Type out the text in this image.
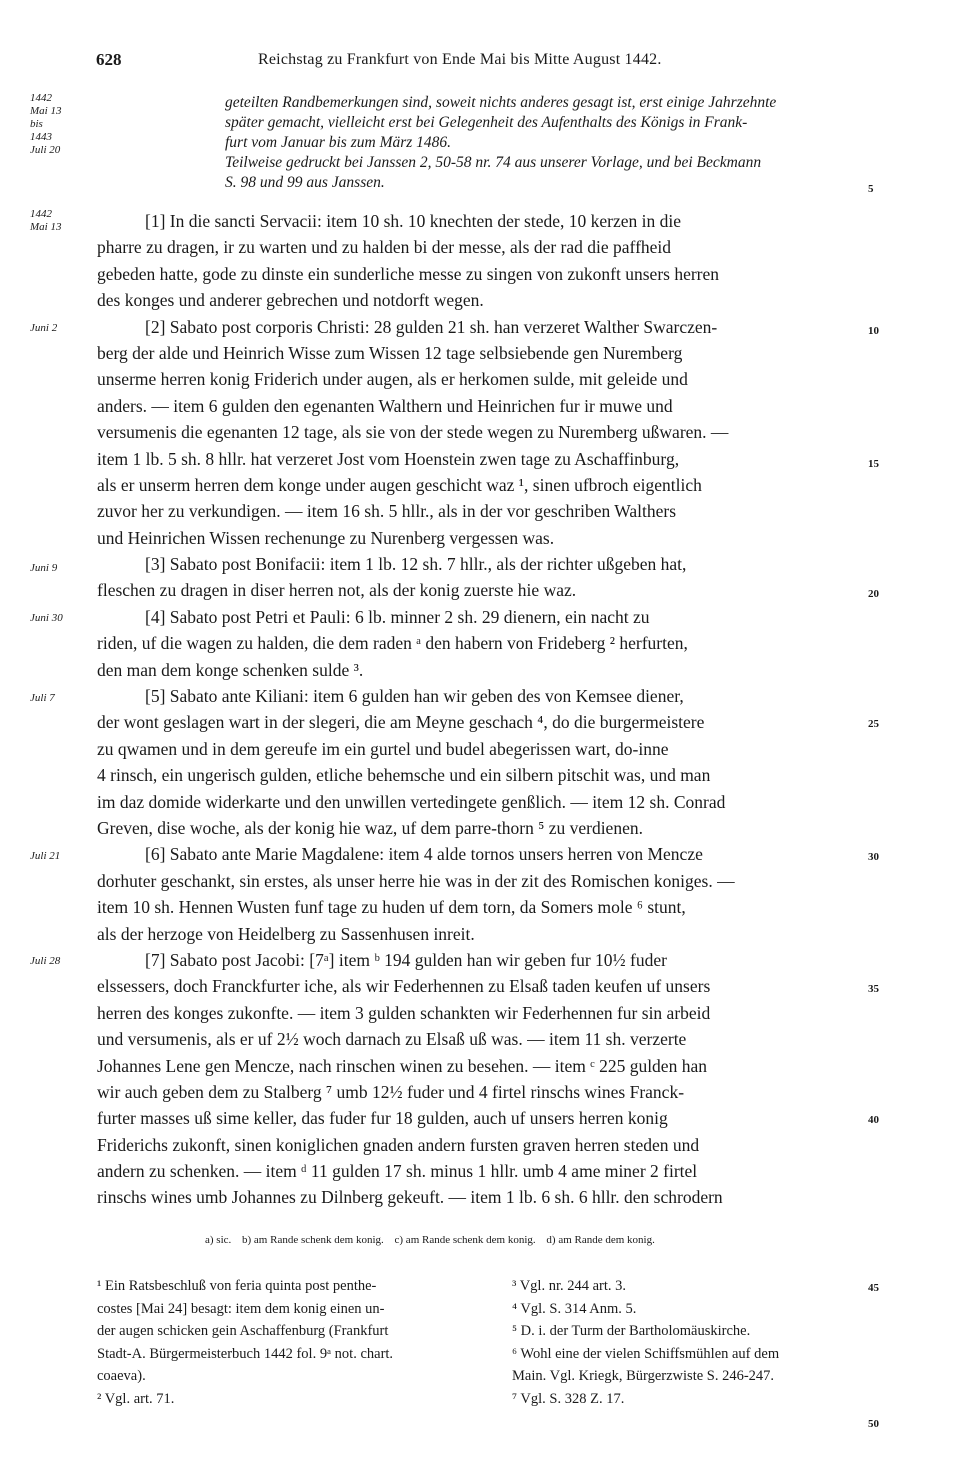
628	Reichstag zu Frankfurt von Ende Mai bis Mitte August 1442.
geteilten Randbemerkungen sind, soweit nichts anderes gesagt ist, erst einige Jahrzehnte
später gemacht, vielleicht erst bei Gelegenheit des Aufenthalts des Königs in Frank-
furt vom Januar bis zum März 1486.
Teilweise gedruckt bei Janssen 2, 50-58 nr. 74 aus unserer Vorlage, und bei Beckmann
S. 98 und 99 aus Janssen.
1442
Mai 13
bis
1443
Juli 20
1442
Mai 13
Juni 2
Juni 9
Juni 30
Juli 7
Juli 21
Juli 28
5
10
15
20
25
30
35
40
45
50
[1] In die sancti Servacii: item 10 sh. 10 knechten der stede, 10 kerzen in die
pharre zu dragen, ir zu warten und zu halden bi der messe, als der rad die paffheid
gebeden hatte, gode zu dinste ein sunderliche messe zu singen von zukonft unsers herren
des konges und anderer gebrechen und notdorft wegen.
[2] Sabato post corporis Christi: 28 gulden 21 sh. han verzeret Walther Swarczen-
berg der alde und Heinrich Wisse zum Wissen 12 tage selbsiebende gen Nuremberg
unserme herren konig Friderich under augen, als er herkomen sulde, mit geleide und
anders. — item 6 gulden den egenanten Walthern und Heinrichen fur ir muwe und
versumenis die egenanten 12 tage, als sie von der stede wegen zu Nuremberg ußwaren. —
item 1 lb. 5 sh. 8 hllr. hat verzeret Jost vom Hoenstein zwen tage zu Aschaffinburg,
als er unserm herren dem konge under augen geschicht waz ¹, sinen ufbroch eigentlich
zuvor her zu verkundigen. — item 16 sh. 5 hllr., als in der vor geschriben Walthers
und Heinrichen Wissen rechenunge zu Nurenberg vergessen was.
[3] Sabato post Bonifacii: item 1 lb. 12 sh. 7 hllr., als der richter ußgeben hat,
fleschen zu dragen in diser herren not, als der konig zuerste hie waz.
[4] Sabato post Petri et Pauli: 6 lb. minner 2 sh. 29 dienern, ein nacht zu
riden, uf die wagen zu halden, die dem raden ᵃ den habern von Frideberg ² herfurten,
den man dem konge schenken sulde ³.
[5] Sabato ante Kiliani: item 6 gulden han wir geben des von Kemsee diener,
der wont geslagen wart in der slegeri, die am Meyne geschach ⁴, do die burgermeistere
zu qwamen und in dem gereufe im ein gurtel und budel abegerissen wart, do-inne
4 rinsch, ein ungerisch gulden, etliche behemsche und ein silbern pitschit was, und man
im daz domide widerkarte und den unwillen vertedingete genßlich. — item 12 sh. Conrad
Greven, dise woche, als der konig hie waz, uf dem parre-thorn ⁵ zu verdienen.
[6] Sabato ante Marie Magdalene: item 4 alde tornos unsers herren von Mencze
dorhuter geschankt, sin erstes, als unser herre hie was in der zit des Romischen koniges. —
item 10 sh. Hennen Wusten funf tage zu huden uf dem torn, da Somers mole ⁶ stunt,
als der herzoge von Heidelberg zu Sassenhusen inreit.
[7] Sabato post Jacobi: [7ᵃ] item ᵇ 194 gulden han wir geben fur 10½ fuder
elssessers, doch Franckfurter iche, als wir Federhennen zu Elsaß taden keufen uf unsers
herren des konges zukonfte. — item 3 gulden schankten wir Federhennen fur sin arbeid
und versumenis, als er uf 2½ woch darnach zu Elsaß uß was. — item 11 sh. verzerte
Johannes Lene gen Mencze, nach rinschen winen zu besehen. — item ᶜ 225 gulden han
wir auch geben dem zu Stalberg ⁷ umb 12½ fuder und 4 firtel rinschs wines Franck-
furter masses uß sime keller, das fuder fur 18 gulden, auch uf unsers herren konig
Friderichs zukonft, sinen koniglichen gnaden andern fursten graven herren steden und
andern zu schenken. — item ᵈ 11 gulden 17 sh. minus 1 hllr. umb 4 ame miner 2 firtel
rinschs wines umb Johannes zu Dilnberg gekeuft. — item 1 lb. 6 sh. 6 hllr. den schrodern
a) sic. b) am Rande schenk dem konig. c) am Rande schenk dem konig. d) am Rande dem konig.
¹ Ein Ratsbeschluß von feria quinta post penthe-
costes [Mai 24] besagt: item dem konig einen un-
der augen schicken gein Aschaffenburg (Frankfurt
Stadt-A. Bürgermeisterbuch 1442 fol. 9ᵃ not. chart.
coaeva).
² Vgl. art. 71.
³ Vgl. nr. 244 art. 3.
⁴ Vgl. S. 314 Anm. 5.
⁵ D. i. der Turm der Bartholomäuskirche.
⁶ Wohl eine der vielen Schiffsmühlen auf dem
Main. Vgl. Kriegk, Bürgerzwiste S. 246-247.
⁷ Vgl. S. 328 Z. 17.
